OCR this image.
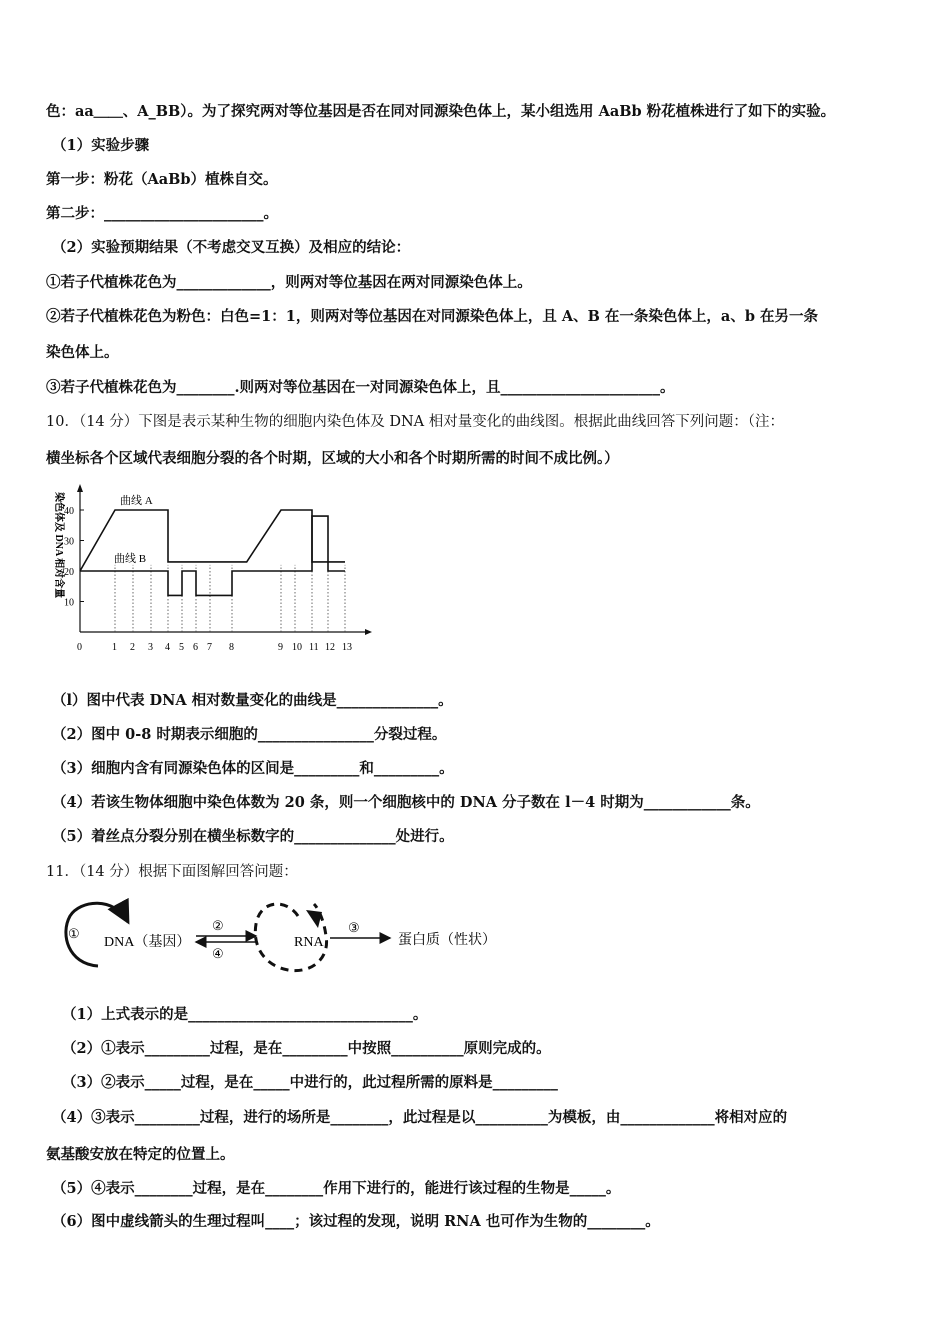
色：aa＿＿、A_BB）。为了探究两对等位基因是否在同对同源染色体上，某小组选用 AaBb 粉花植株进行了如下的实验。
（1）实验步骤
第一步：粉花（AaBb）植株自交。
第二步：______________________。
（2）实验预期结果（不考虑交叉互换）及相应的结论：
①若子代植株花色为_____________，则两对等位基因在两对同源染色体上。
②若子代植株花色为粉色：白色=1：1，则两对等位基因在对同源染色体上，且 A、B 在一条染色体上，a、b 在另一条
染色体上。
③若子代植株花色为________.则两对等位基因在一对同源染色体上，且______________________。
10．（14 分）下图是表示某种生物的细胞内染色体及 DNA 相对量变化的曲线图。根据此曲线回答下列问题：（注：
横坐标各个区域代表细胞分裂的各个时期，区域的大小和各个时期所需的时间不成比例。）
染色体及 DNA 相对含量
10
20
30
40
0	1 2 3 4 5 6 7 8	9 10 11 12 13
曲线 A
曲线 B
（l）图中代表 DNA 相对数量变化的曲线是______________。
（2）图中 0-8 时期表示细胞的________________分裂过程。
（3）细胞内含有同源染色体的区间是_________和_________。
（4）若该生物体细胞中染色体数为 20 条，则一个细胞核中的 DNA 分子数在 l－4 时期为____________条。
（5）着丝点分裂分别在横坐标数字的______________处进行。
11．（14 分）根据下面图解回答问题：
①
DNA（基因）
②
④
RNA
③
蛋白质（性状）
（1）上式表示的是_______________________________。
（2）①表示_________过程，是在_________中按照__________原则完成的。
（3）②表示_____过程，是在_____中进行的，此过程所需的原料是_________
（4）③表示_________过程，进行的场所是________，此过程是以__________为模板，由_____________将相对应的
氨基酸安放在特定的位置上。
（5）④表示________过程，是在________作用下进行的，能进行该过程的生物是_____。
（6）图中虚线箭头的生理过程叫____；该过程的发现，说明 RNA 也可作为生物的________。
